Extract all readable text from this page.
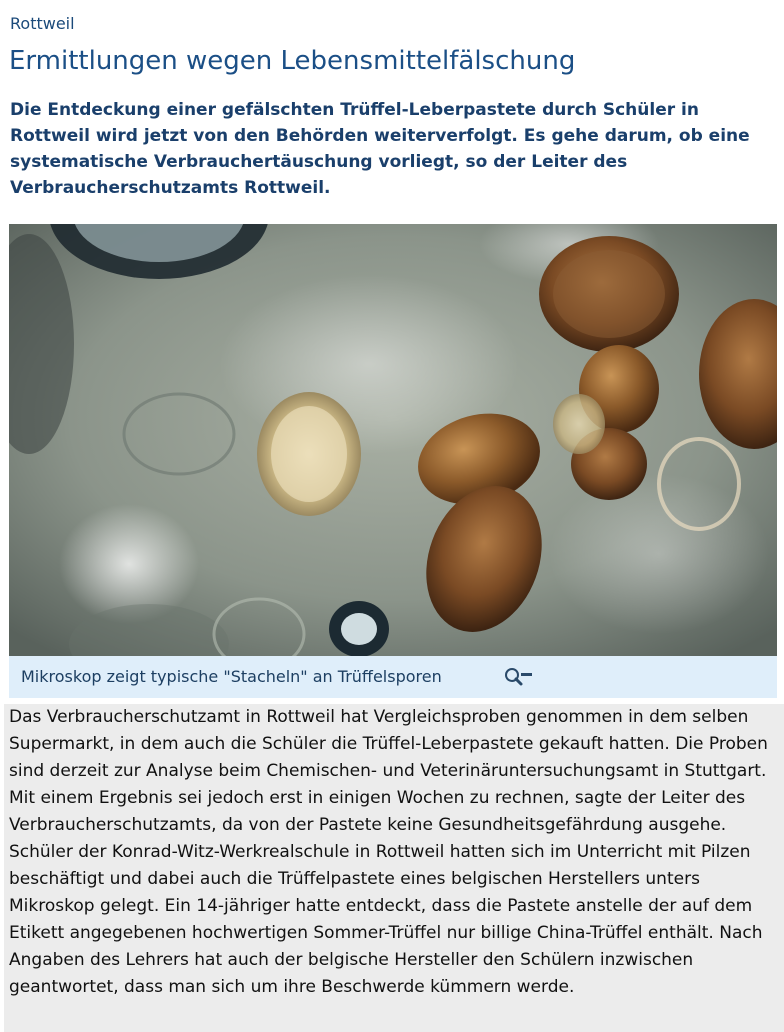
Rottweil
Ermittlungen wegen Lebensmittelfälschung

Die Entdeckung einer gefälschten Trüffel-Leberpastete durch Schüler in Rottweil wird jetzt von den Behörden weiterverfolgt. Es gehe darum, ob eine systematische Verbrauchertäuschung vorliegt, so der Leiter des Verbraucherschutzamts Rottweil.

Mikroskop zeigt typische "Stacheln" an Trüffelsporen

Das Verbraucherschutzamt in Rottweil hat Vergleichsproben genommen in dem selben Supermarkt, in dem auch die Schüler die Trüffel-Leberpastete gekauft hatten. Die Proben sind derzeit zur Analyse beim Chemischen- und Veterinäruntersuchungsamt in Stuttgart. Mit einem Ergebnis sei jedoch erst in einigen Wochen zu rechnen, sagte der Leiter des Verbraucherschutzamts, da von der Pastete keine Gesundheitsgefährdung ausgehe. Schüler der Konrad-Witz-Werkrealschule in Rottweil hatten sich im Unterricht mit Pilzen beschäftigt und dabei auch die Trüffelpastete eines belgischen Herstellers unters Mikroskop gelegt. Ein 14-jähriger hatte entdeckt, dass die Pastete anstelle der auf dem Etikett angegebenen hochwertigen Sommer-Trüffel nur billige China-Trüffel enthält. Nach Angaben des Lehrers hat auch der belgische Hersteller den Schülern inzwischen geantwortet, dass man sich um ihre Beschwerde kümmern werde.
